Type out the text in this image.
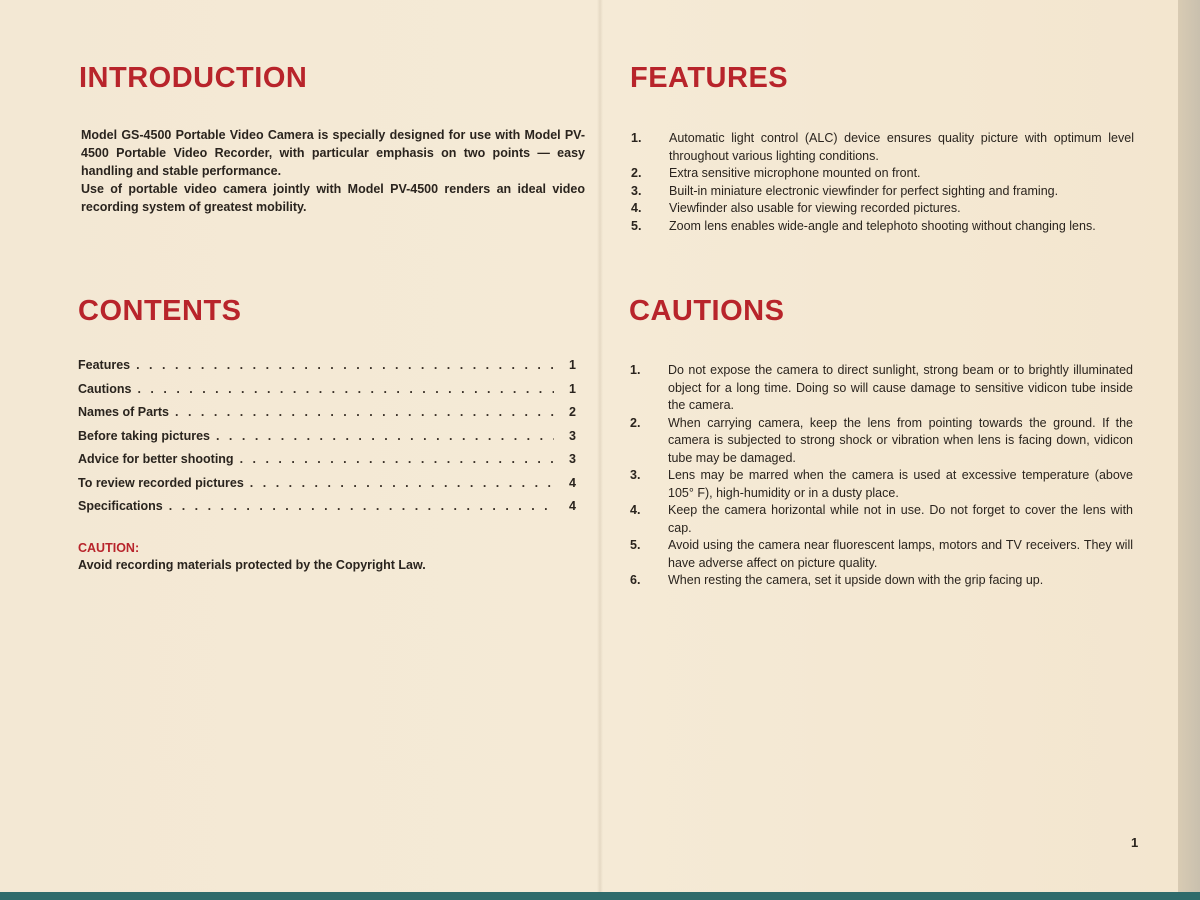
INTRODUCTION

Model GS-4500 Portable Video Camera is specially designed for use with Model PV-4500 Portable Video Recorder, with particular emphasis on two points — easy handling and stable performance.

Use of portable video camera jointly with Model PV-4500 renders an ideal video recording system of greatest mobility.

CONTENTS
Features . . .	1
Cautions . . .	1
Names of Parts . . .	2
Before taking pictures . . .	3
Advice for better shooting . . .	3
To review recorded pictures . . .	4
Specifications . . .	4

CAUTION:

Avoid recording materials protected by the Copyright Law.

FEATURES
1. Automatic light control (ALC) device ensures quality picture with optimum level throughout various lighting conditions.
2. Extra sensitive microphone mounted on front.
3. Built-in miniature electronic viewfinder for perfect sighting and framing.
4. Viewfinder also usable for viewing recorded pictures.
5. Zoom lens enables wide-angle and telephoto shooting without changing lens.
CAUTIONS
1. Do not expose the camera to direct sunlight, strong beam or to brightly illuminated object for a long time. Doing so will cause damage to sensitive vidicon tube inside the camera.
2. When carrying camera, keep the lens from pointing towards the ground. If the camera is subjected to strong shock or vibration when lens is facing down, vidicon tube may be damaged.
3. Lens may be marred when the camera is used at excessive temperature (above 105° F), high-humidity or in a dusty place.
4. Keep the camera horizontal while not in use. Do not forget to cover the lens with cap.
5. Avoid using the camera near fluorescent lamps, motors and TV receivers. They will have adverse affect on picture quality.
6. When resting the camera, set it upside down with the grip facing up.
1
